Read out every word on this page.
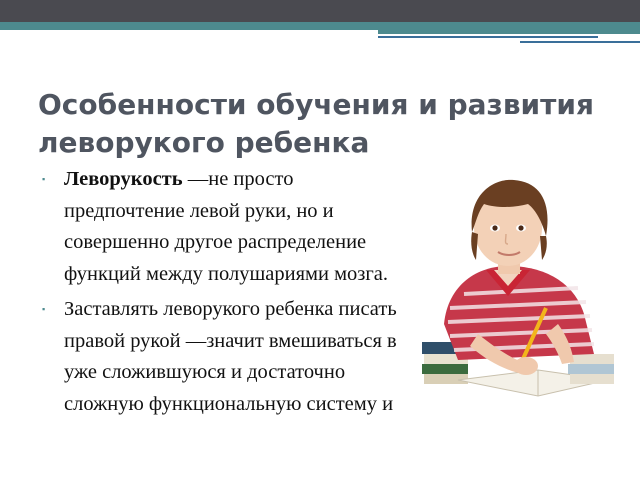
Особенности обучения и развития леворукого ребенка
▪ Леворукость —не просто предпочтение левой руки, но и совершенно другое распределение функций между полушариями мозга.
▪ Заставлять леворукого ребенка писать правой рукой —значит вмешиваться в уже сложившуюся и достаточно сложную функциональную систему и
